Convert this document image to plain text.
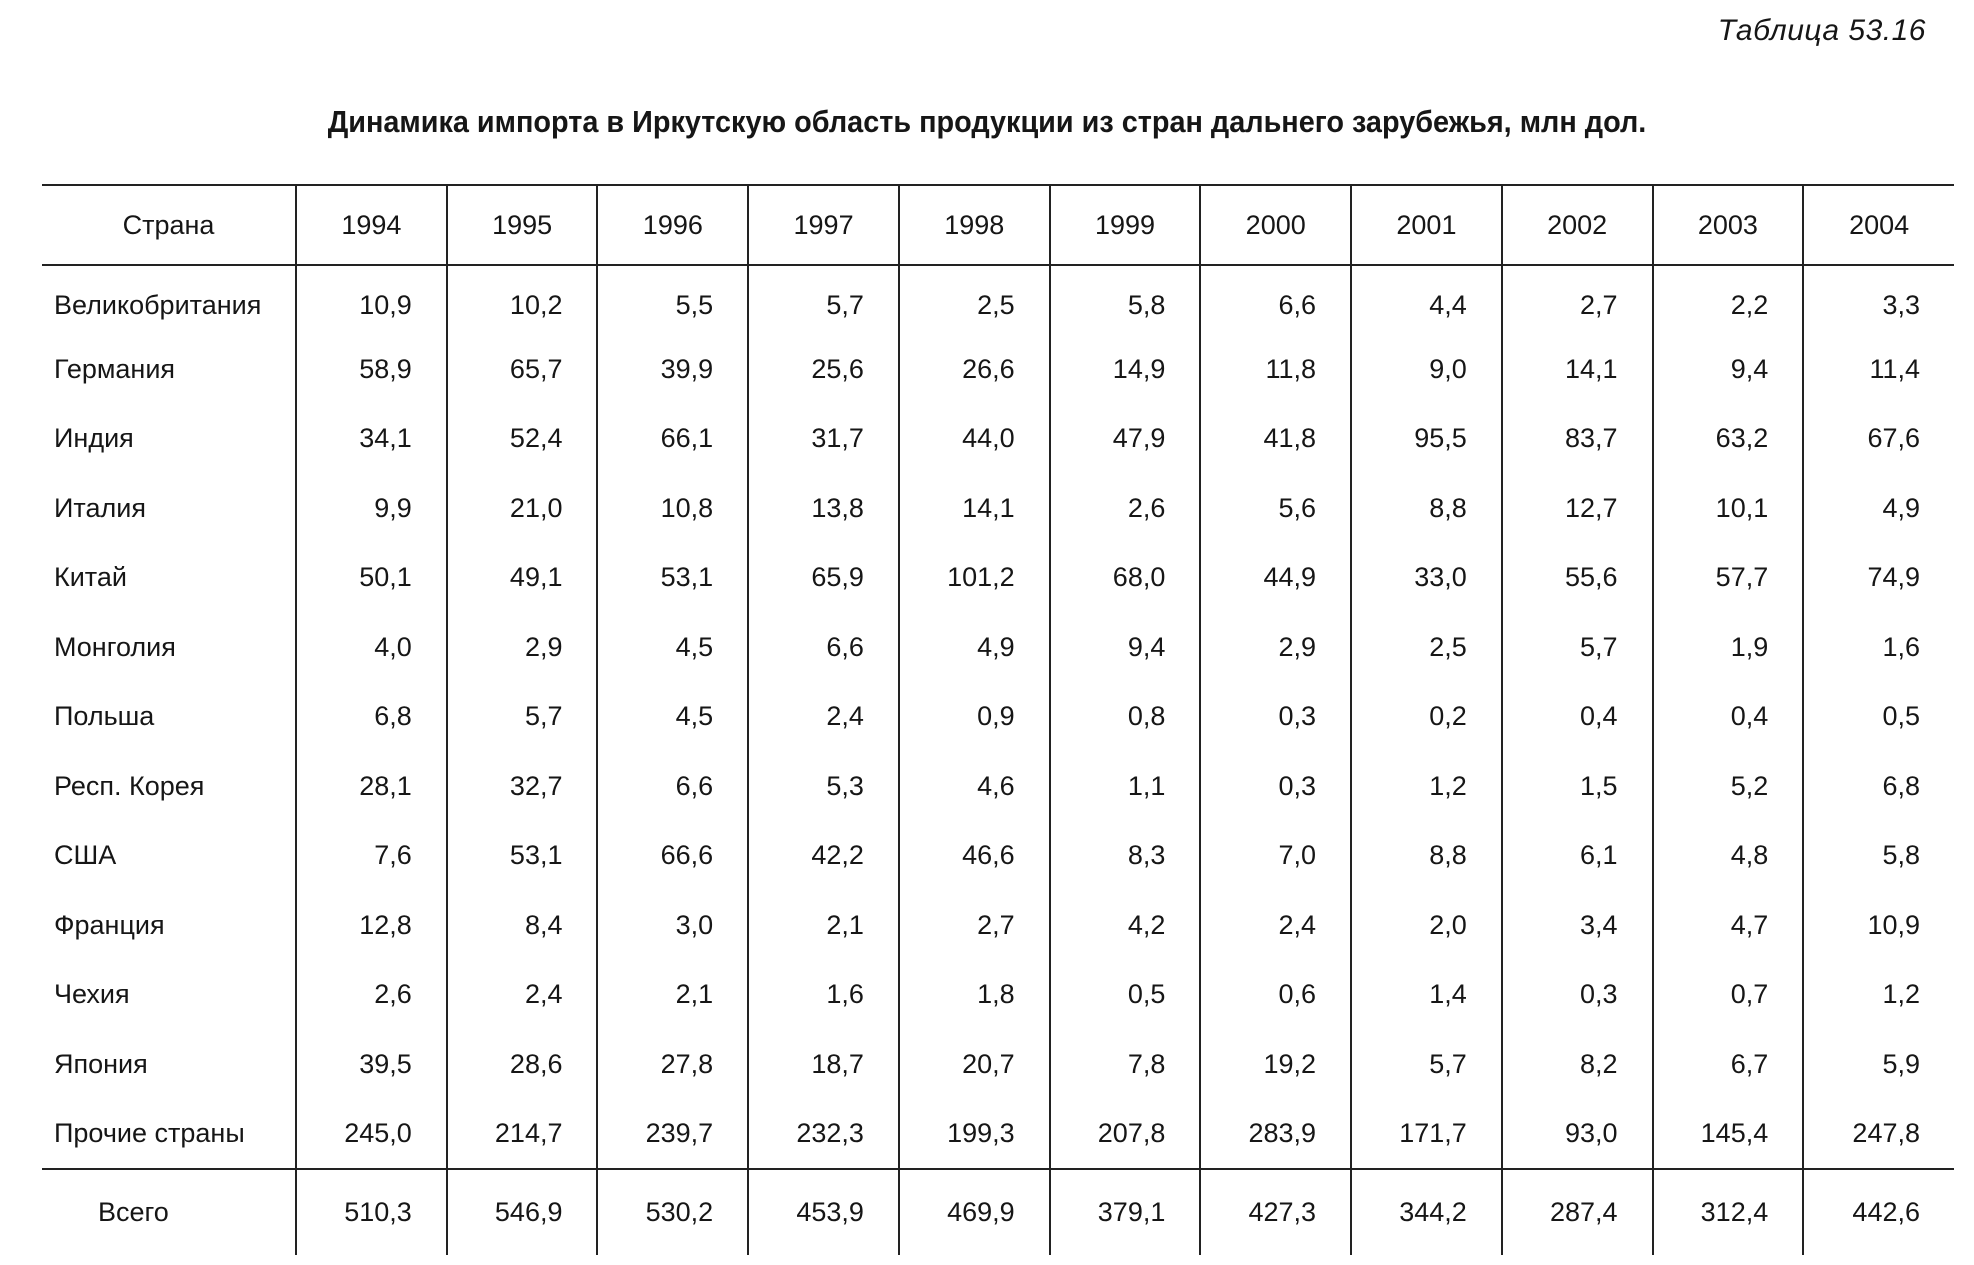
Таблица 53.16
Динамика импорта в Иркутскую область продукции из стран дальнего зарубежья, млн дол.
Страна	1994	1995	1996	1997	1998	1999	2000	2001	2002	2003	2004
Великобритания	10,9	10,2	5,5	5,7	2,5	5,8	6,6	4,4	2,7	2,2	3,3
Германия	58,9	65,7	39,9	25,6	26,6	14,9	11,8	9,0	14,1	9,4	11,4
Индия	34,1	52,4	66,1	31,7	44,0	47,9	41,8	95,5	83,7	63,2	67,6
Италия	9,9	21,0	10,8	13,8	14,1	2,6	5,6	8,8	12,7	10,1	4,9
Китай	50,1	49,1	53,1	65,9	101,2	68,0	44,9	33,0	55,6	57,7	74,9
Монголия	4,0	2,9	4,5	6,6	4,9	9,4	2,9	2,5	5,7	1,9	1,6
Польша	6,8	5,7	4,5	2,4	0,9	0,8	0,3	0,2	0,4	0,4	0,5
Респ. Корея	28,1	32,7	6,6	5,3	4,6	1,1	0,3	1,2	1,5	5,2	6,8
США	7,6	53,1	66,6	42,2	46,6	8,3	7,0	8,8	6,1	4,8	5,8
Франция	12,8	8,4	3,0	2,1	2,7	4,2	2,4	2,0	3,4	4,7	10,9
Чехия	2,6	2,4	2,1	1,6	1,8	0,5	0,6	1,4	0,3	0,7	1,2
Япония	39,5	28,6	27,8	18,7	20,7	7,8	19,2	5,7	8,2	6,7	5,9
Прочие страны	245,0	214,7	239,7	232,3	199,3	207,8	283,9	171,7	93,0	145,4	247,8
Всего	510,3	546,9	530,2	453,9	469,9	379,1	427,3	344,2	287,4	312,4	442,6
